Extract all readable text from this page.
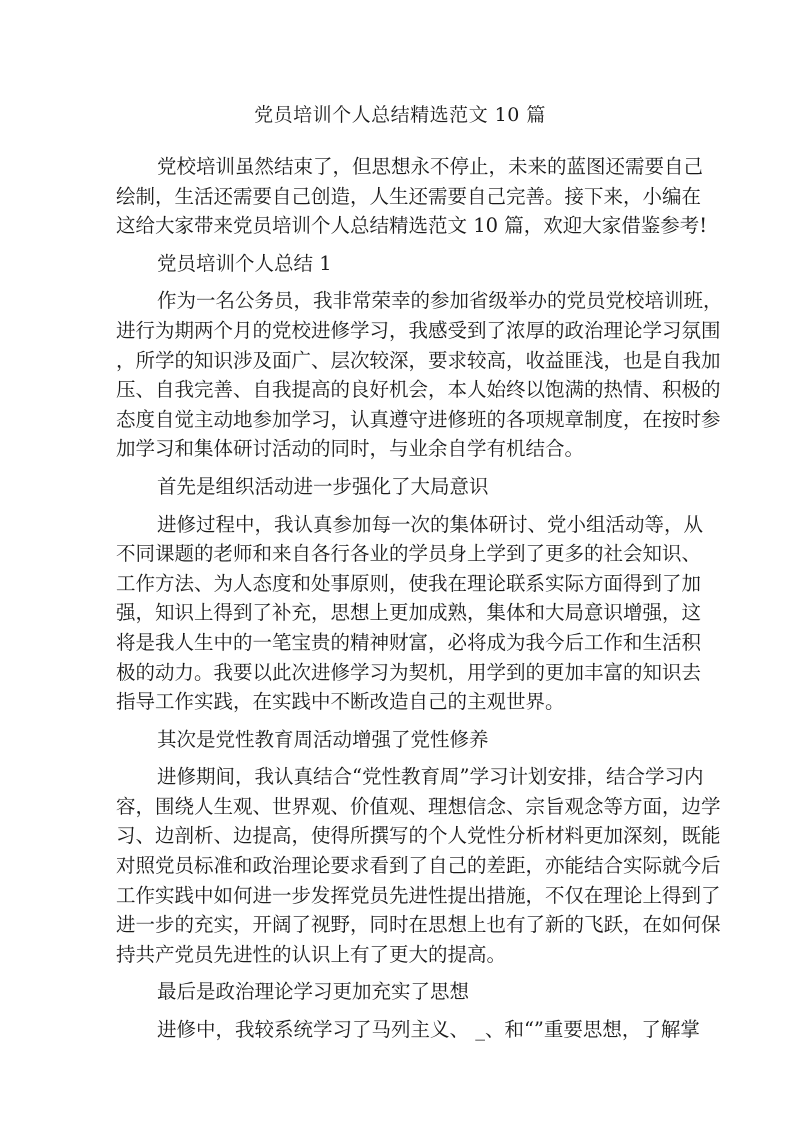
党员培训个人总结精选范文 10 篇
党校培训虽然结束了，但思想永不停止，未来的蓝图还需要自己
绘制，生活还需要自己创造，人生还需要自己完善。接下来，小编在
这给大家带来党员培训个人总结精选范文 10 篇，欢迎大家借鉴参考!
党员培训个人总结 1
作为一名公务员，我非常荣幸的参加省级举办的党员党校培训班，
进行为期两个月的党校进修学习，我感受到了浓厚的政治理论学习氛围
，所学的知识涉及面广、层次较深，要求较高，收益匪浅，也是自我加
压、自我完善、自我提高的良好机会，本人始终以饱满的热情、积极的
态度自觉主动地参加学习，认真遵守进修班的各项规章制度，在按时参
加学习和集体研讨活动的同时，与业余自学有机结合。
首先是组织活动进一步强化了大局意识
进修过程中，我认真参加每一次的集体研讨、党小组活动等，从
不同课题的老师和来自各行各业的学员身上学到了更多的社会知识、
工作方法、为人态度和处事原则，使我在理论联系实际方面得到了加
强，知识上得到了补充，思想上更加成熟，集体和大局意识增强，这
将是我人生中的一笔宝贵的精神财富，必将成为我今后工作和生活积
极的动力。我要以此次进修学习为契机，用学到的更加丰富的知识去
指导工作实践，在实践中不断改造自己的主观世界。
其次是党性教育周活动增强了党性修养
进修期间，我认真结合“党性教育周”学习计划安排，结合学习内
容，围绕人生观、世界观、价值观、理想信念、宗旨观念等方面，边学
习、边剖析、边提高，使得所撰写的个人党性分析材料更加深刻，既能
对照党员标准和政治理论要求看到了自己的差距，亦能结合实际就今后
工作实践中如何进一步发挥党员先进性提出措施，不仅在理论上得到了
进一步的充实，开阔了视野，同时在思想上也有了新的飞跃，在如何保
持共产党员先进性的认识上有了更大的提高。
最后是政治理论学习更加充实了思想
进修中，我较系统学习了马列主义、 _、和“”重要思想，了解掌
